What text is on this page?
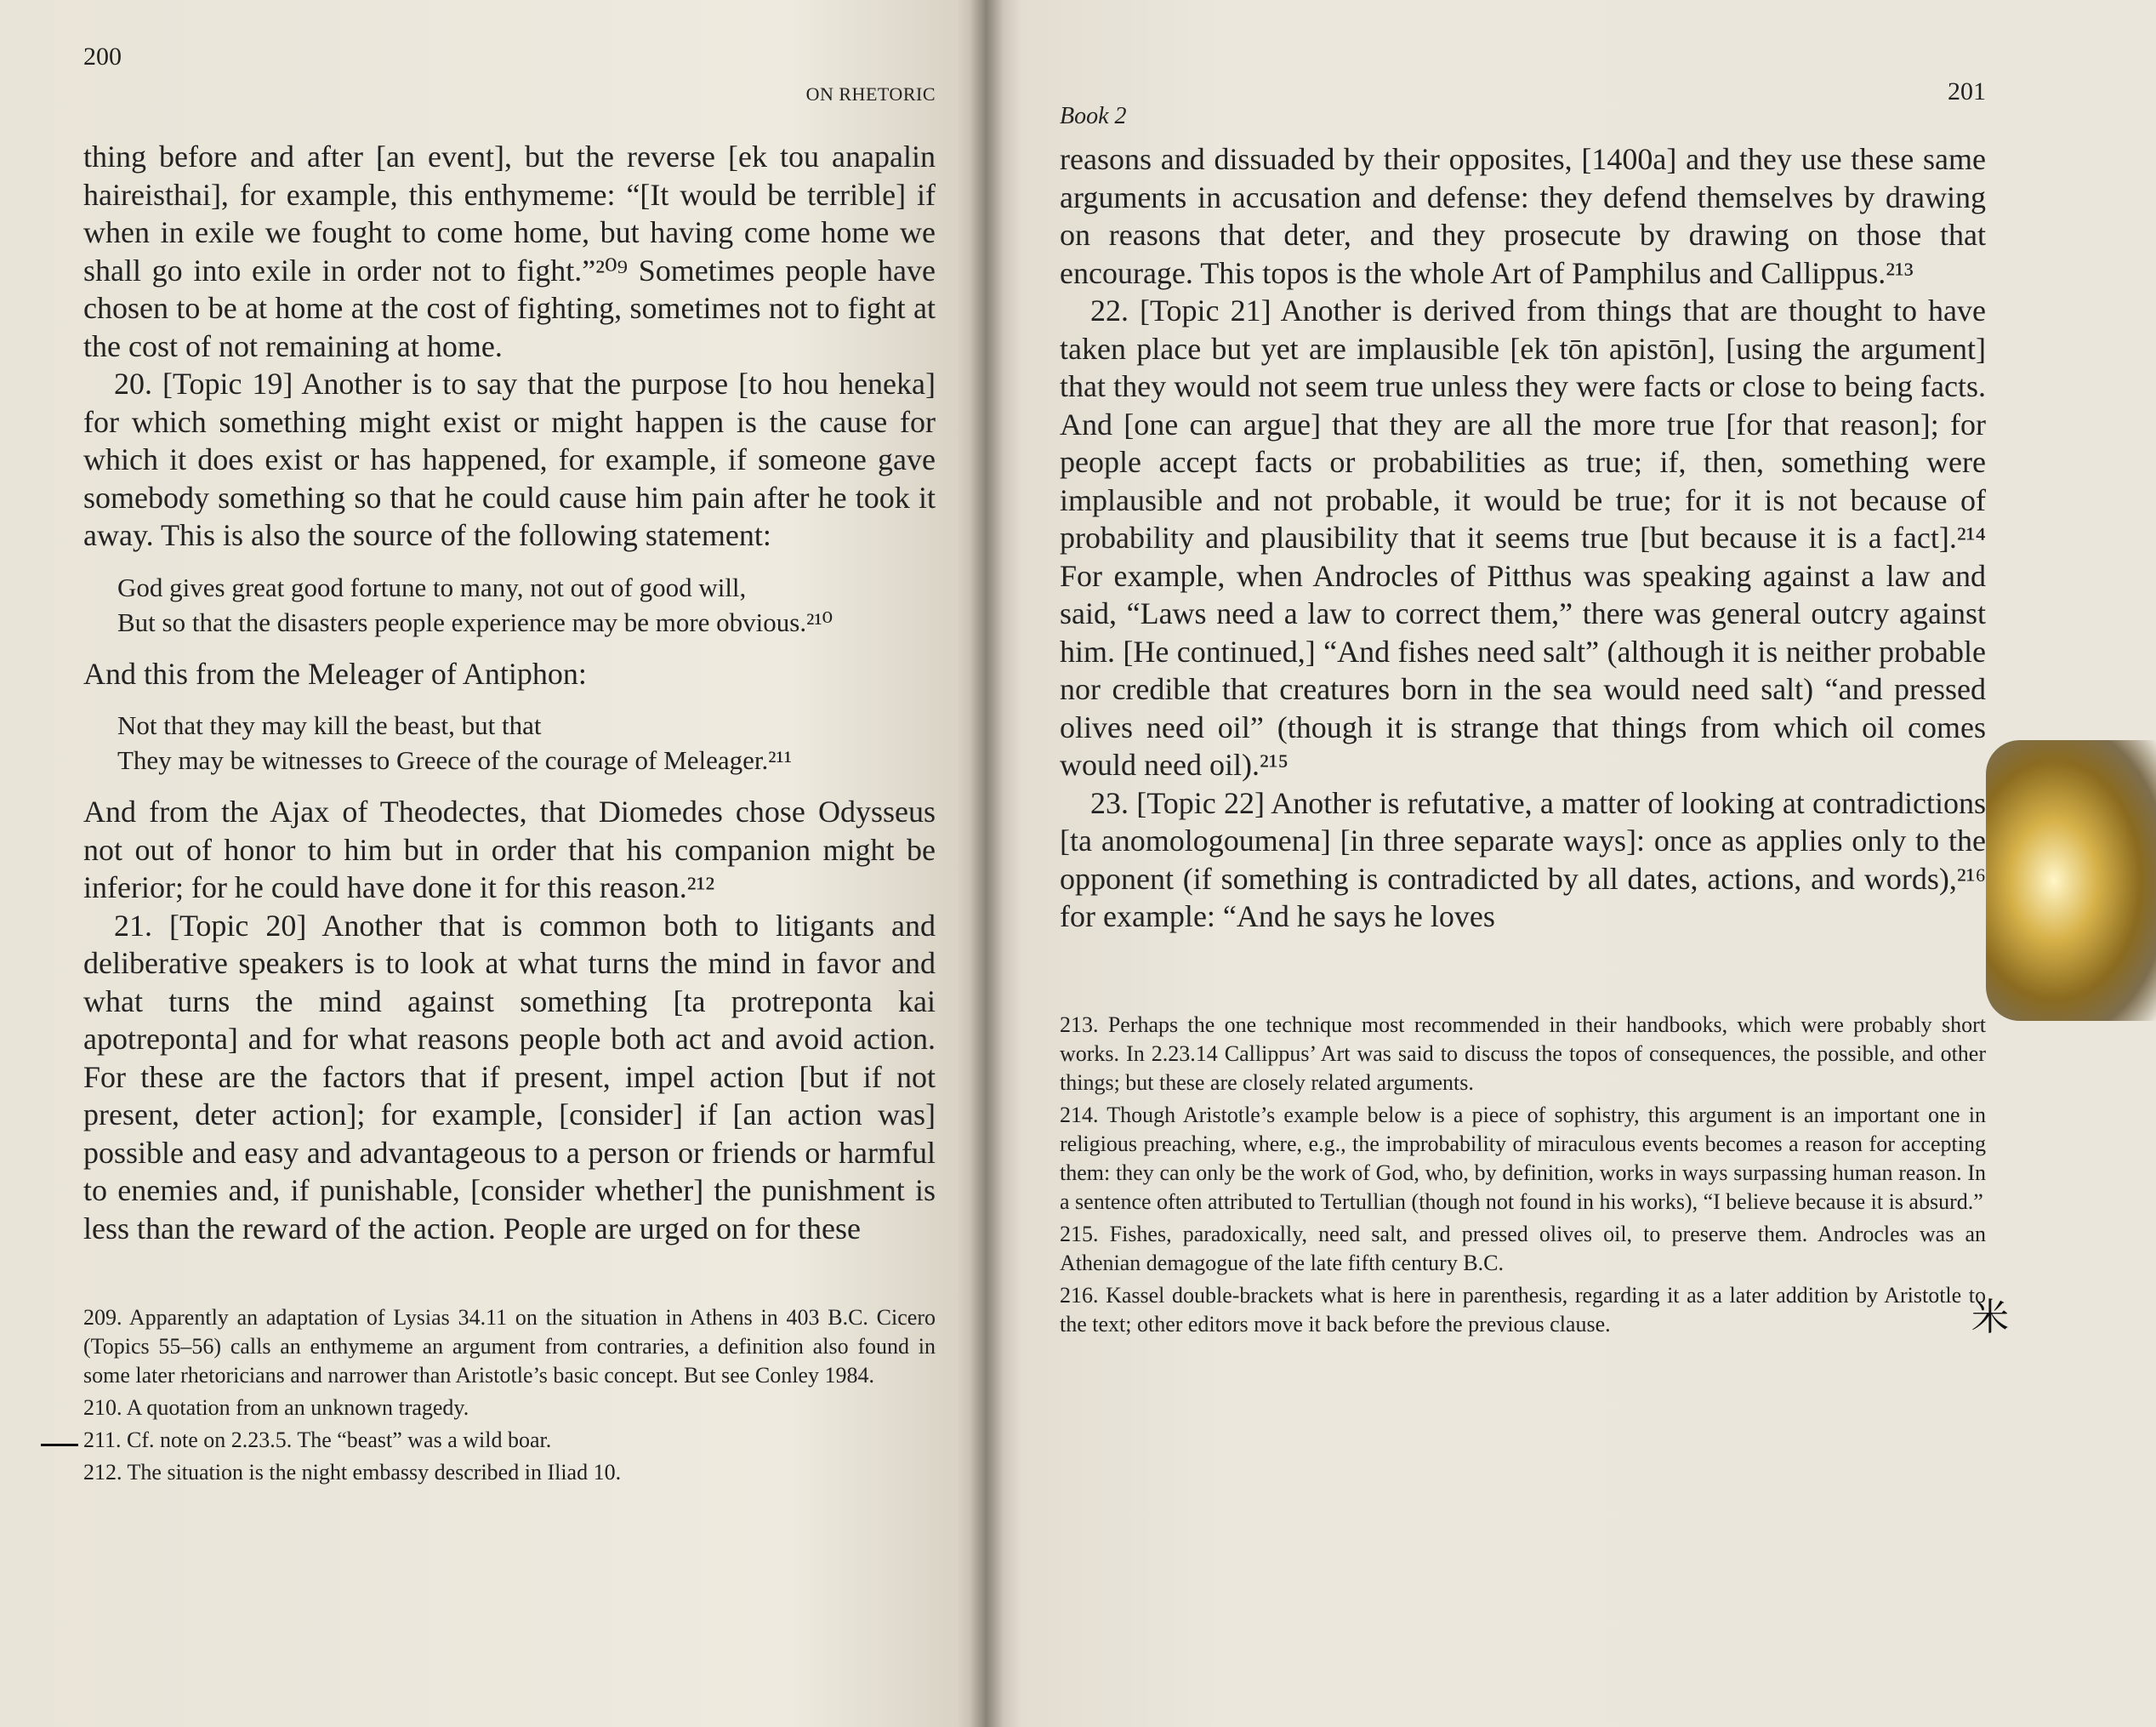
200
ON RHETORIC

thing before and after [an event], but the reverse [ek tou anapalin haireisthai], for example, this enthymeme: “[It would be terrible] if when in exile we fought to come home, but having come home we shall go into exile in order not to fight.”²⁰⁹ Sometimes people have chosen to be at home at the cost of fighting, sometimes not to fight at the cost of not remaining at home.

20. [Topic 19] Another is to say that the purpose [to hou heneka] for which something might exist or might happen is the cause for which it does exist or has happened, for example, if someone gave somebody something so that he could cause him pain after he took it away. This is also the source of the following statement:

God gives great good fortune to many, not out of good will,
But so that the disasters people experience may be more obvious.²¹⁰

And this from the Meleager of Antiphon:

Not that they may kill the beast, but that
They may be witnesses to Greece of the courage of Meleager.²¹¹

And from the Ajax of Theodectes, that Diomedes chose Odysseus not out of honor to him but in order that his companion might be inferior; for he could have done it for this reason.²¹²

21. [Topic 20] Another that is common both to litigants and deliberative speakers is to look at what turns the mind in favor and what turns the mind against something [ta protreponta kai apotreponta] and for what reasons people both act and avoid action. For these are the factors that if present, impel action [but if not present, deter action]; for example, [consider] if [an action was] possible and easy and advantageous to a person or friends or harmful to enemies and, if punishable, [consider whether] the punishment is less than the reward of the action. People are urged on for these

209. Apparently an adaptation of Lysias 34.11 on the situation in Athens in 403 B.C. Cicero (Topics 55–56) calls an enthymeme an argument from contraries, a definition also found in some later rhetoricians and narrower than Aristotle’s basic concept. But see Conley 1984.

210. A quotation from an unknown tragedy.

211. Cf. note on 2.23.5. The “beast” was a wild boar.

212. The situation is the night embassy described in Iliad 10.

Book 2
201

reasons and dissuaded by their opposites, [1400a] and they use these same arguments in accusation and defense: they defend themselves by drawing on reasons that deter, and they prosecute by drawing on those that encourage. This topos is the whole Art of Pamphilus and Callippus.²¹³

22. [Topic 21] Another is derived from things that are thought to have taken place but yet are implausible [ek tōn apistōn], [using the argument] that they would not seem true unless they were facts or close to being facts. And [one can argue] that they are all the more true [for that reason]; for people accept facts or probabilities as true; if, then, something were implausible and not probable, it would be true; for it is not because of probability and plausibility that it seems true [but because it is a fact].²¹⁴ For example, when Androcles of Pitthus was speaking against a law and said, “Laws need a law to correct them,” there was general outcry against him. [He continued,] “And fishes need salt” (although it is neither probable nor credible that creatures born in the sea would need salt) “and pressed olives need oil” (though it is strange that things from which oil comes would need oil).²¹⁵

23. [Topic 22] Another is refutative, a matter of looking at contradictions [ta anomologoumena] [in three separate ways]: once as applies only to the opponent (if something is contradicted by all dates, actions, and words),²¹⁶ for example: “And he says he loves

213. Perhaps the one technique most recommended in their handbooks, which were probably short works. In 2.23.14 Callippus’ Art was said to discuss the topos of consequences, the possible, and other things; but these are closely related arguments.

214. Though Aristotle’s example below is a piece of sophistry, this argument is an important one in religious preaching, where, e.g., the improbability of miraculous events becomes a reason for accepting them: they can only be the work of God, who, by definition, works in ways surpassing human reason. In a sentence often attributed to Tertullian (though not found in his works), “I believe because it is absurd.”

215. Fishes, paradoxically, need salt, and pressed olives oil, to preserve them. Androcles was an Athenian demagogue of the late fifth century B.C.

216. Kassel double-brackets what is here in parenthesis, regarding it as a later addition by Aristotle to the text; other editors move it back before the previous clause.	米
